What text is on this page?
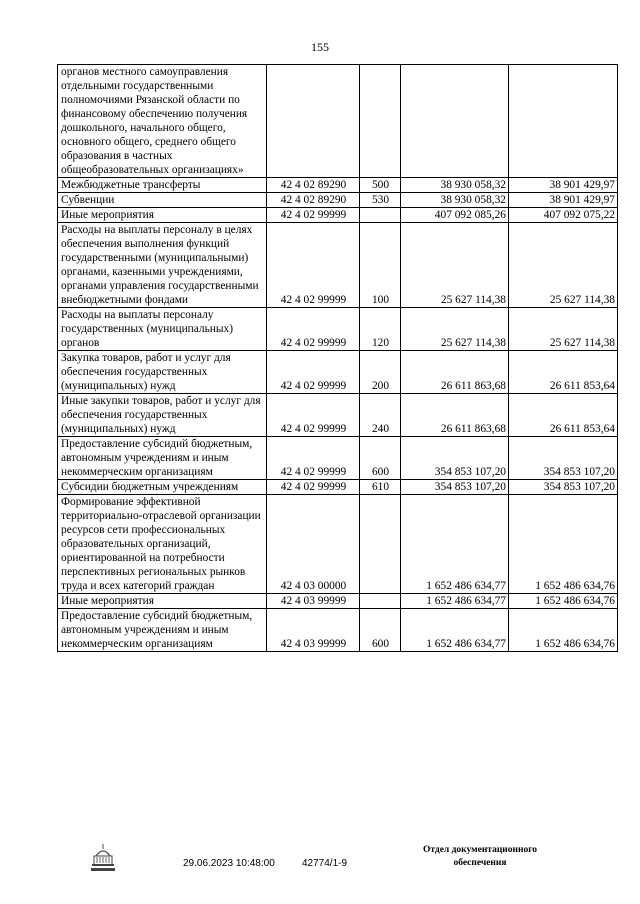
155
органов местного самоуправления отдельными государственными полномочиями Рязанской области по финансовому обеспечению получения дошкольного, начального общего, основного общего, среднего общего образования в частных общеобразовательных организациях»				
Межбюджетные трансферты	42 4 02 89290	500	38 930 058,32	38 901 429,97
Субвенции	42 4 02 89290	530	38 930 058,32	38 901 429,97
Иные мероприятия	42 4 02 99999		407 092 085,26	407 092 075,22
Расходы на выплаты персоналу в целях обеспечения выполнения функций государственными (муниципальными) органами, казенными учреждениями, органами управления государственными внебюджетными фондами	42 4 02 99999	100	25 627 114,38	25 627 114,38
Расходы на выплаты персоналу государственных (муниципальных) органов	42 4 02 99999	120	25 627 114,38	25 627 114,38
Закупка товаров, работ и услуг для обеспечения государственных (муниципальных) нужд	42 4 02 99999	200	26 611 863,68	26 611 853,64
Иные закупки товаров, работ и услуг для обеспечения государственных (муниципальных) нужд	42 4 02 99999	240	26 611 863,68	26 611 853,64
Предоставление субсидий бюджетным, автономным учреждениям и иным некоммерческим организациям	42 4 02 99999	600	354 853 107,20	354 853 107,20
Субсидии бюджетным учреждениям	42 4 02 99999	610	354 853 107,20	354 853 107,20
Формирование эффективной территориально-отраслевой организации ресурсов сети профессиональных образовательных организаций, ориентированной на потребности перспективных региональных рынков труда и всех категорий граждан	42 4 03 00000		1 652 486 634,77	1 652 486 634,76
Иные мероприятия	42 4 03 99999		1 652 486 634,77	1 652 486 634,76
Предоставление субсидий бюджетным, автономным учреждениям и иным некоммерческим организациям	42 4 03 99999	600	1 652 486 634,77	1 652 486 634,76
29.06.2023 10:48:00	42774/1-9
Отдел документационного
обеспечения
